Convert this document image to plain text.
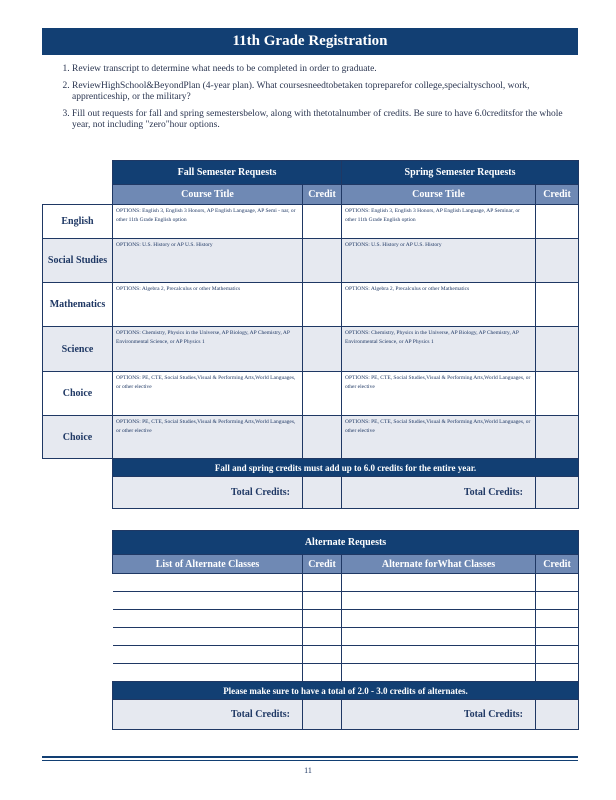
11th Grade Registration
1. Review transcript to determine what needs to be completed in order to graduate.
2. ReviewHighSchool&BeyondPlan (4-year plan). What coursesneedtobetaken topreparefor college,specialtyschool, work, apprenticeship, or the military?
3. Fill out requests for fall and spring semestersbelow, along with thetotalnumber of credits. Be sure to have 6.0creditsfor the whole year, not including "zero"hour options.
	Fall Semester Requests		Spring Semester Requests	
	Course Title	Credit	Course Title	Credit
English	OPTIONS: English 3, English 3 Honors, AP English Language, AP Semi - nar, or other 11th Grade English option		OPTIONS: English 3, English 3 Honors, AP English Language, AP Seminar, or other 11th Grade English option	
Social Studies	OPTIONS: U.S. History or AP U.S. History		OPTIONS: U.S. History or AP U.S. History	
Mathematics	OPTIONS: Algebra 2, Precalculus or other Mathematics		OPTIONS: Algebra 2, Precalculus or other Mathematics	
Science	OPTIONS: Chemistry, Physics in the Universe, AP Biology, AP Chemistry, AP Environmental Science, or AP Physics 1		OPTIONS: Chemistry, Physics in the Universe, AP Biology, AP Chemistry, AP Environmental Science, or AP Physics 1	
Choice	OPTIONS: PE, CTE, Social Studies,Visual & Performing Arts,World Languages, or other elective		OPTIONS: PE, CTE, Social Studies,Visual & Performing Arts,World Languages, or other elective	
Choice	OPTIONS: PE, CTE, Social Studies,Visual & Performing Arts,World Languages, or other elective		OPTIONS: PE, CTE, Social Studies,Visual & Performing Arts,World Languages, or other elective	
	Fall and spring credits must add up to 6.0 credits for the entire year.			
	Total Credits:		Total Credits:	
Alternate Requests			
List of Alternate Classes	Credit	Alternate forWhat Classes	Credit

Please make sure to have a total of 2.0 - 3.0 credits of alternates.			
Total Credits:		Total Credits:	
11
